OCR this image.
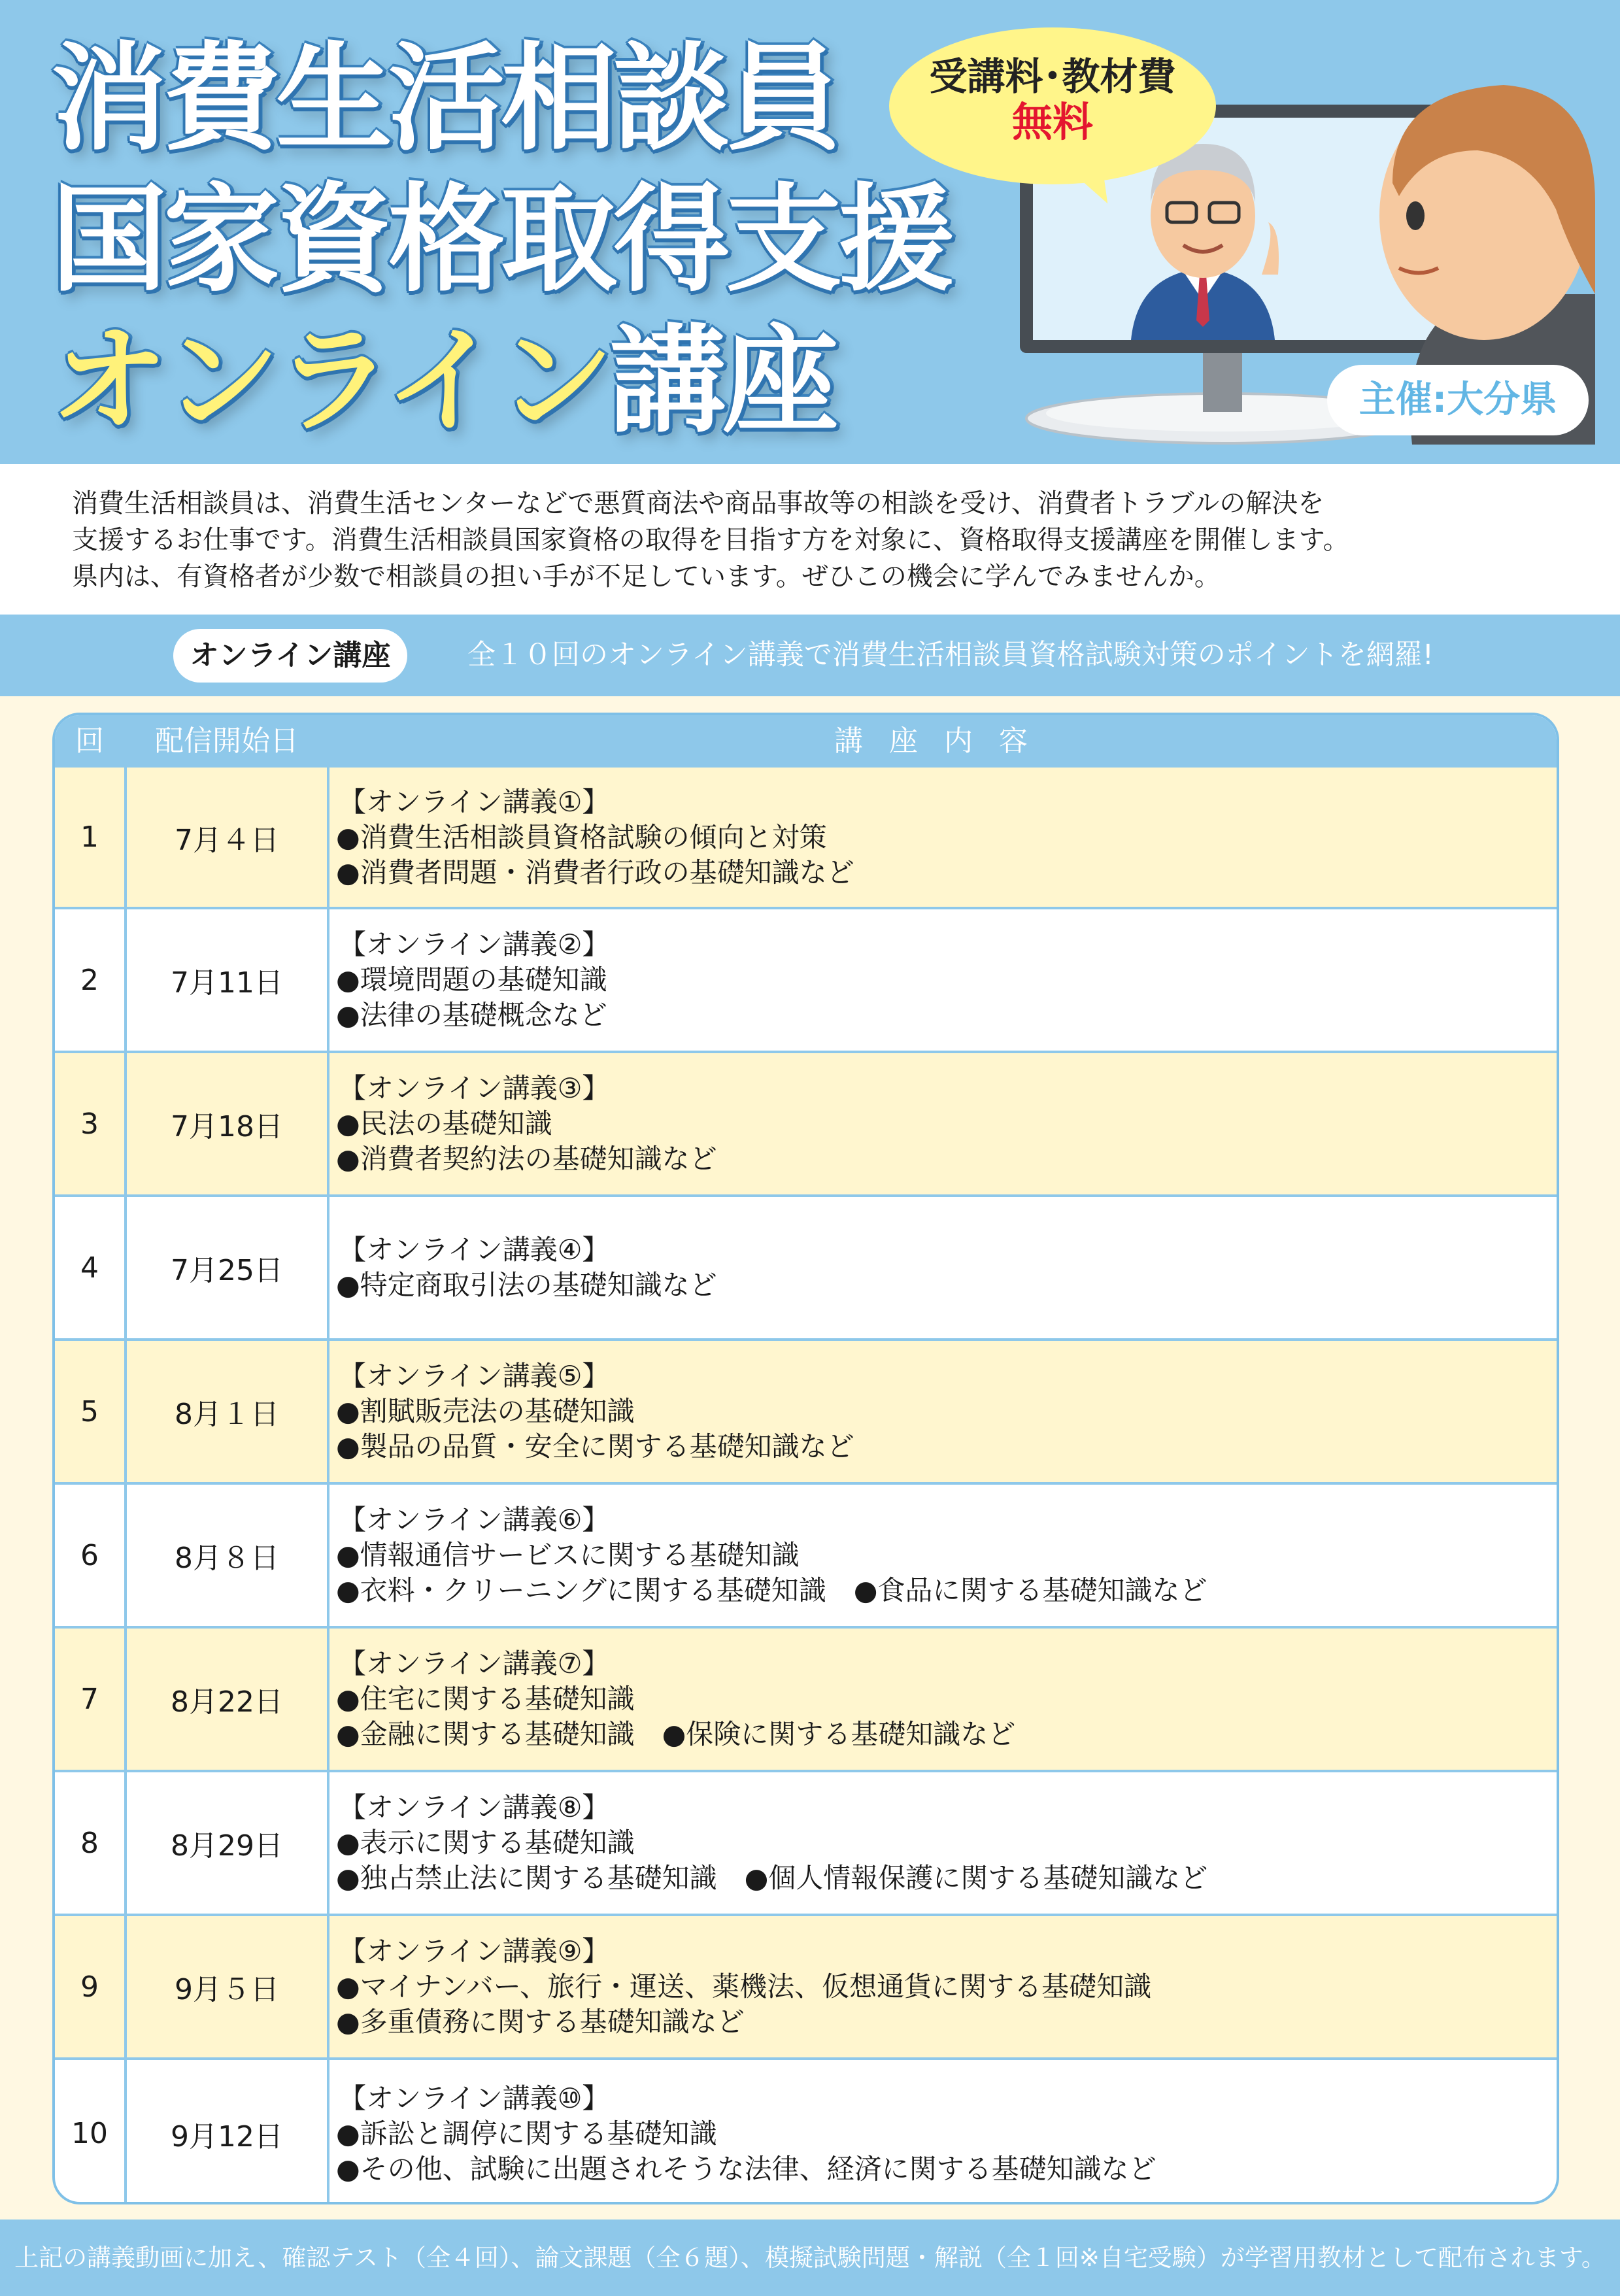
消費生活相談員
国家資格取得支援
オンライン講座
受講料･教材費
無料
主催:大分県

消費生活相談員は、消費生活センターなどで悪質商法や商品事故等の相談を受け、消費者トラブルの解決を

支援するお仕事です。消費生活相談員国家資格の取得を目指す方を対象に、資格取得支援講座を開催します。

県内は、有資格者が少数で相談員の担い手が不足しています。ぜひこの機会に学んでみませんか。

オンライン講座	全１０回のオンライン講義で消費生活相談員資格試験対策のポイントを網羅!
回	配信開始日	講座内容
1	7月４日
【オンライン講義①】
●消費生活相談員資格試験の傾向と対策
●消費者問題・消費者行政の基礎知識など
2	7月11日
【オンライン講義②】
●環境問題の基礎知識
●法律の基礎概念など
3	7月18日
【オンライン講義③】
●民法の基礎知識
●消費者契約法の基礎知識など
4	7月25日
【オンライン講義④】
●特定商取引法の基礎知識など
5	8月１日
【オンライン講義⑤】
●割賦販売法の基礎知識
●製品の品質・安全に関する基礎知識など
6	8月８日
【オンライン講義⑥】
●情報通信サービスに関する基礎知識
●衣料・クリーニングに関する基礎知識　●食品に関する基礎知識など
7	8月22日
【オンライン講義⑦】
●住宅に関する基礎知識
●金融に関する基礎知識　●保険に関する基礎知識など
8	8月29日
【オンライン講義⑧】
●表示に関する基礎知識
●独占禁止法に関する基礎知識　●個人情報保護に関する基礎知識など
9	9月５日
【オンライン講義⑨】
●マイナンバー、旅行・運送、薬機法、仮想通貨に関する基礎知識
●多重債務に関する基礎知識など
10	9月12日
【オンライン講義⑩】
●訴訟と調停に関する基礎知識
●その他、試験に出題されそうな法律、経済に関する基礎知識など
上記の講義動画に加え、確認テスト（全４回）、論文課題（全６題）、模擬試験問題・解説（全１回※自宅受験）が学習用教材として配布されます。
